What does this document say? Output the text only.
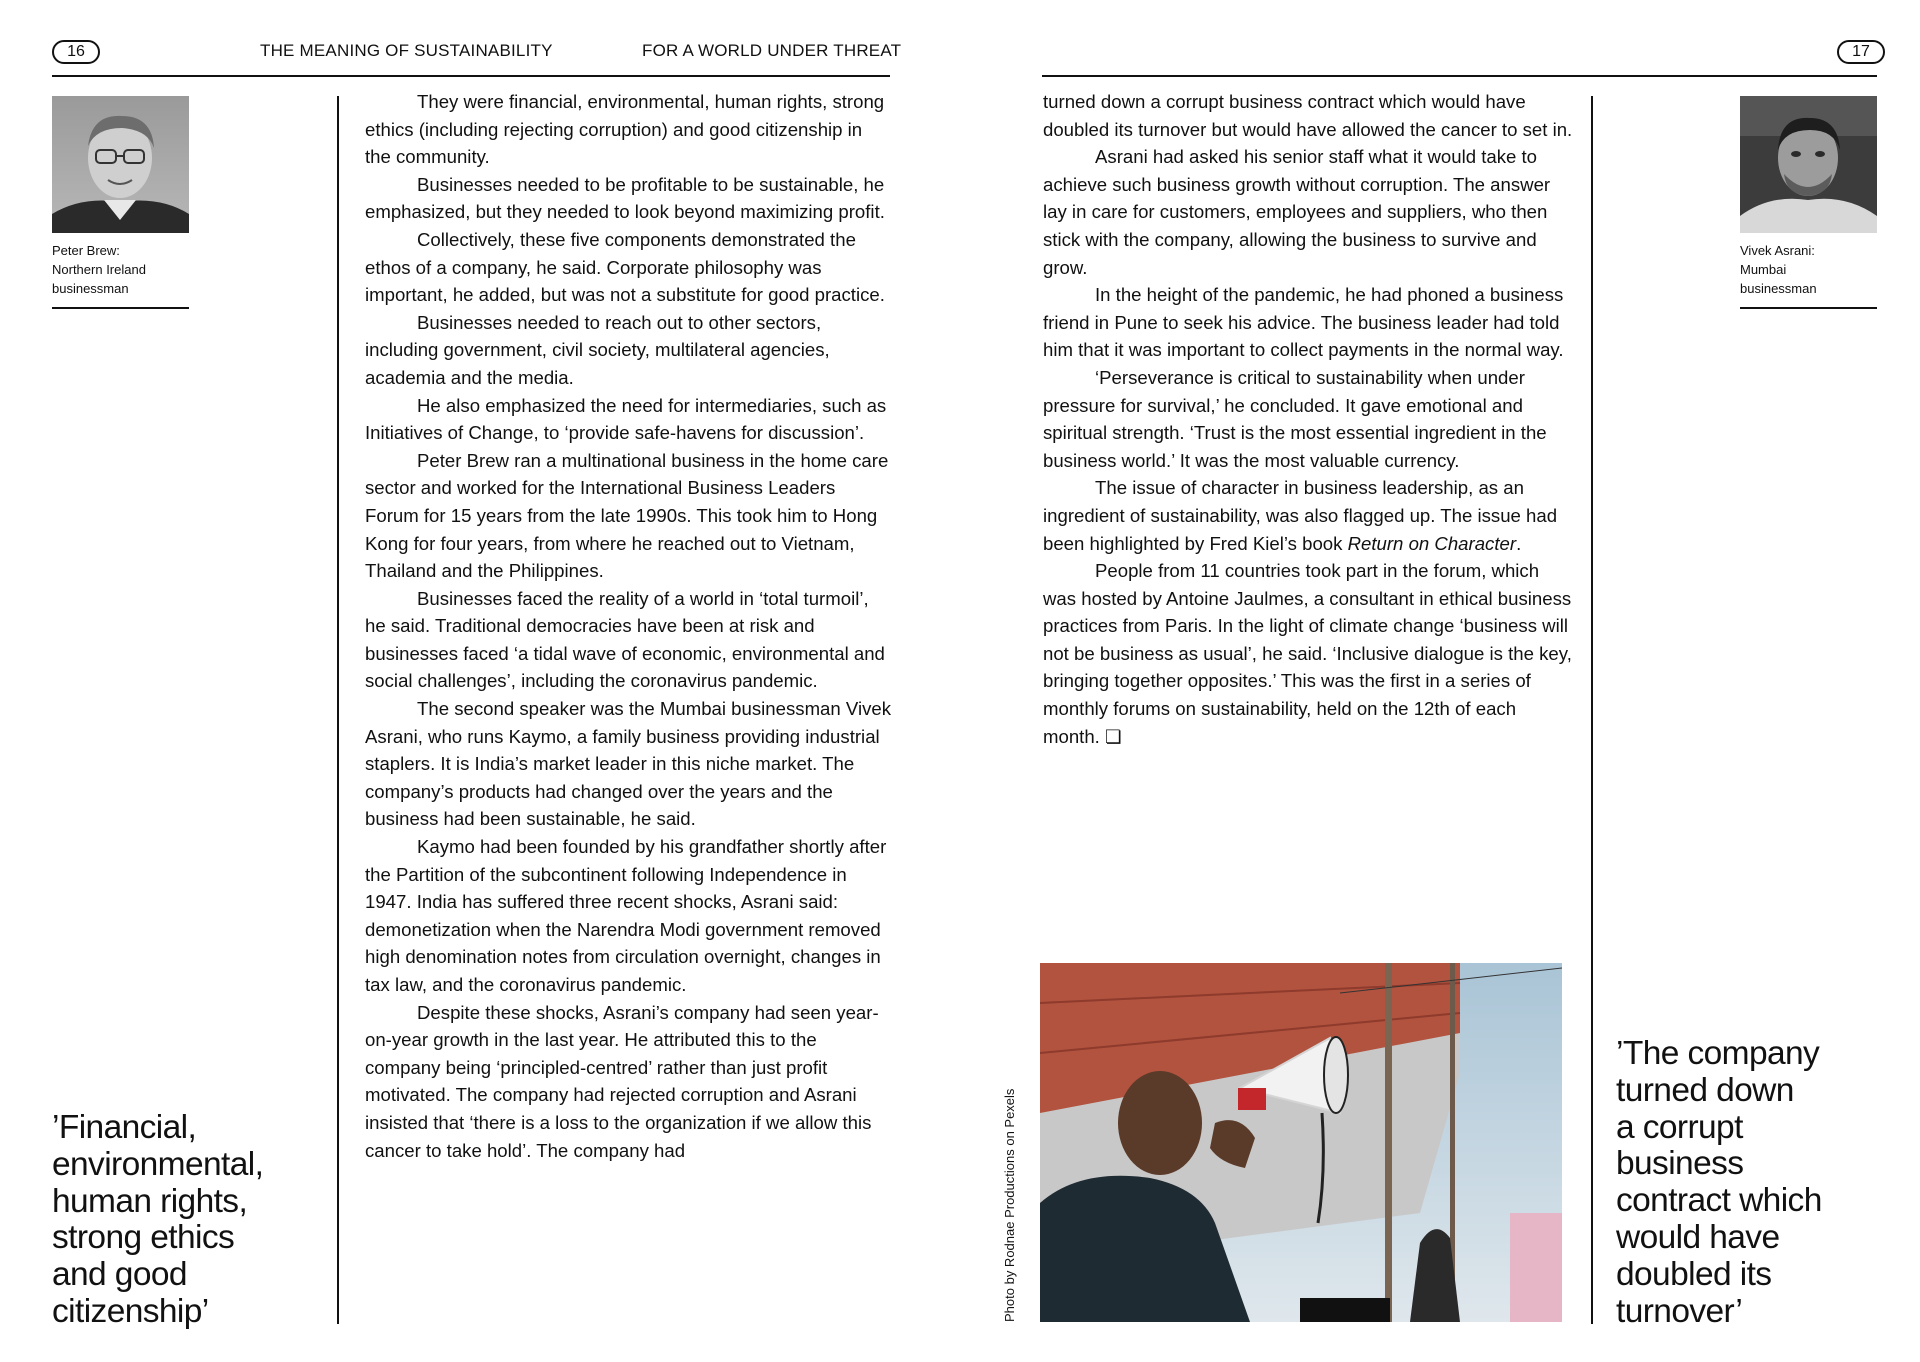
16	THE MEANING OF SUSTAINABILITY	FOR A WORLD UNDER THREAT	17
Peter Brew:
Northern Ireland
businessman

They were financial, environmental, human rights, strong ethics (including rejecting corruption) and good citizenship in the community.

Businesses needed to be profitable to be sustainable, he emphasized, but they needed to look beyond maximizing profit.

Collectively, these five components demonstrated the ethos of a company, he said. Corporate philosophy was important, he added, but was not a substitute for good practice.

Businesses needed to reach out to other sectors, including government, civil society, multilateral agencies, academia and the media.

He also emphasized the need for intermediaries, such as Initiatives of Change, to ‘provide safe-havens for discussion’.

Peter Brew ran a multinational business in the home care sector and worked for the International Business Leaders Forum for 15 years from the late 1990s. This took him to Hong Kong for four years, from where he reached out to Vietnam, Thailand and the Philippines.

Businesses faced the reality of a world in ‘total turmoil’, he said. Traditional democracies have been at risk and businesses faced ‘a tidal wave of economic, environmental and social challenges’, including the coronavirus pandemic.

The second speaker was the Mumbai businessman Vivek Asrani, who runs Kaymo, a family business providing industrial staplers. It is India’s market leader in this niche market. The company’s products had changed over the years and the business had been sustainable, he said.

Kaymo had been founded by his grandfather shortly after the Partition of the subcontinent following Independence in 1947. India has suffered three recent shocks, Asrani said: demonetization when the Narendra Modi government removed high denomination notes from circulation overnight, changes in tax law, and the coronavirus pandemic.

Despite these shocks, Asrani’s company had seen year-on-year growth in the last year. He attributed this to the company being ‘principled-centred’ rather than just profit motivated. The company had rejected corruption and Asrani insisted that ‘there is a loss to the organization if we allow this cancer to take hold’. The company had

’Financial,
environmental,
human rights,
strong ethics
and good
citizenship’

turned down a corrupt business contract which would have doubled its turnover but would have allowed the cancer to set in.

Asrani had asked his senior staff what it would take to achieve such business growth without corruption. The answer lay in care for customers, employees and suppliers, who then stick with the company, allowing the business to survive and grow.

In the height of the pandemic, he had phoned a business friend in Pune to seek his advice. The business leader had told him that it was important to collect payments in the normal way.

‘Perseverance is critical to sustainability when under pressure for survival,’ he concluded. It gave emotional and spiritual strength. ‘Trust is the most essential ingredient in the business world.’ It was the most valuable currency.

The issue of character in business leadership, as an ingredient of sustainability, was also flagged up. The issue had been highlighted by Fred Kiel’s book Return on Character.

People from 11 countries took part in the forum, which was hosted by Antoine Jaulmes, a consultant in ethical business practices from Paris. In the light of climate change ‘business will not be business as usual’, he said. ‘Inclusive dialogue is the key, bringing together opposites.’ This was the first in a series of monthly forums on sustainability, held on the 12th of each month. ❏

Photo by Rodnae Productions on Pexels
Vivek Asrani:
Mumbai
businessman
’The company
turned down
a corrupt
business
contract which
would have
doubled its
turnover’
